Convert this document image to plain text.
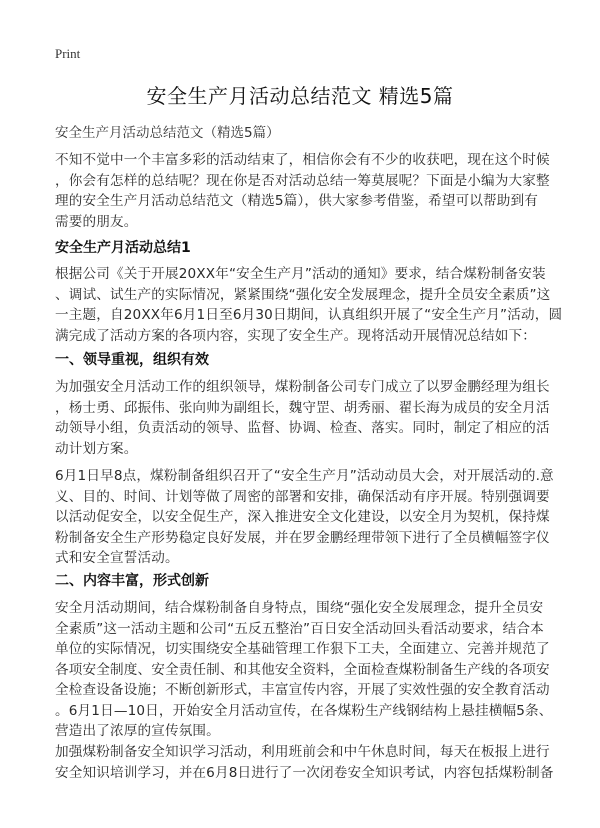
Print
安全生产月活动总结范文 精选5篇
安全生产月活动总结范文（精选5篇）
不知不觉中一个丰富多彩的活动结束了，相信你会有不少的收获吧，现在这个时候
，你会有怎样的总结呢？现在你是否对活动总结一筹莫展呢？下面是小编为大家整
理的安全生产月活动总结范文（精选5篇），供大家参考借鉴，希望可以帮助到有
需要的朋友。
安全生产月活动总结1
根据公司《关于开展20XX年“安全生产月”活动的通知》要求，结合煤粉制备安装
、调试、试生产的实际情况，紧紧围绕“强化安全发展理念，提升全员安全素质”这
一主题，自20XX年6月1日至6月30日期间，认真组织开展了“安全生产月”活动，圆
满完成了活动方案的各项内容，实现了安全生产。现将活动开展情况总结如下：
一、领导重视，组织有效
为加强安全月活动工作的组织领导，煤粉制备公司专门成立了以罗金鹏经理为组长
，杨士勇、邱振伟、张向帅为副组长，魏守罡、胡秀丽、翟长海为成员的安全月活
动领导小组，负责活动的领导、监督、协调、检查、落实。同时，制定了相应的活
动计划方案。
6月1日早8点，煤粉制备组织召开了“安全生产月”活动动员大会，对开展活动的.意
义、目的、时间、计划等做了周密的部署和安排，确保活动有序开展。特别强调要
以活动促安全，以安全促生产，深入推进安全文化建设，以安全月为契机，保持煤
粉制备安全生产形势稳定良好发展，并在罗金鹏经理带领下进行了全员横幅签字仪
式和安全宣誓活动。
二、内容丰富，形式创新
安全月活动期间，结合煤粉制备自身特点，围绕“强化安全发展理念，提升全员安
全素质”这一活动主题和公司“五反五整治”百日安全活动回头看活动要求，结合本
单位的实际情况，切实围绕安全基础管理工作狠下工夫，全面建立、完善并规范了
各项安全制度、安全责任制、和其他安全资料，全面检查煤粉制备生产线的各项安
全检查设备设施；不断创新形式，丰富宣传内容，开展了实效性强的安全教育活动
。6月1日—10日，开始安全月活动宣传，在各煤粉生产线钢结构上悬挂横幅5条、
营造出了浓厚的宣传氛围。
加强煤粉制备安全知识学习活动，利用班前会和中午休息时间，每天在板报上进行
安全知识培训学习，并在6月8日进行了一次闭卷安全知识考试，内容包括煤粉制备
